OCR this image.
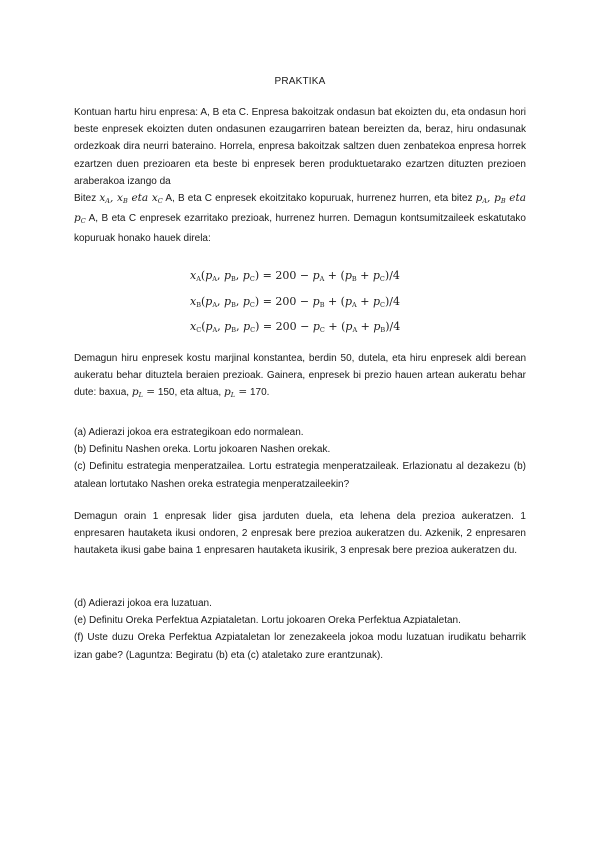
PRAKTIKA
Kontuan hartu hiru enpresa: A, B eta C. Enpresa bakoitzak ondasun bat ekoizten du, eta ondasun hori beste enpresek ekoizten duten ondasunen ezaugarriren batean bereizten da, beraz, hiru ondasunak ordezkoak dira neurri bateraino. Horrela, enpresa bakoitzak saltzen duen zenbatekoa enpresa horrek ezartzen duen prezioaren eta beste bi enpresek beren produktuetarako ezartzen dituzten prezioen araberakoa izango da
Bitez $x_A$, $x_B$ eta $x_C$ A, B eta C enpresek ekoitzitako kopuruak, hurrenez hurren, eta bitez $p_A$, $p_B$ eta $p_C$ A, B eta C enpresek ezarritako prezioak, hurrenez hurren. Demagun kontsumitzaileek eskatutako kopuruak honako hauek direla:
$x_A(p_A$, $p_B$, $p_C) = 200 - p_A + (p_B + p_C)/4$
$x_B(p_A$, $p_B$, $p_C) = 200 - p_B + (p_A + p_C)/4$
$x_C(p_A$, $p_B$, $p_C) = 200 - p_C + (p_A + p_B)/4$
Demagun hiru enpresek kostu marjinal konstantea, berdin 50, dutela, eta hiru enpresek aldi berean aukeratu behar dituztela beraien prezioak. Gainera, enpresek bi prezio hauen artean aukeratu behar dute: baxua, $p_L = 150$, eta altua, $p_L = 170$.

(a) Adierazi jokoa era estrategikoan edo normalean.

(b) Definitu Nashen oreka. Lortu jokoaren Nashen orekak.

(c) Definitu estrategia menperatzailea. Lortu estrategia menperatzaileak. Erlazionatu al dezakezu (b) atalean lortutako Nashen oreka estrategia menperatzaileekin?

Demagun orain 1 enpresak lider gisa jarduten duela, eta lehena dela prezioa aukeratzen. 1 enpresaren hautaketa ikusi ondoren, 2 enpresak bere prezioa aukeratzen du. Azkenik, 2 enpresaren hautaketa ikusi gabe baina 1 enpresaren hautaketa ikusirik, 3 enpresak bere prezioa aukeratzen du.

(d) Adierazi jokoa era luzatuan.

(e) Definitu Oreka Perfektua Azpiataletan. Lortu jokoaren Oreka Perfektua Azpiataletan.

(f) Uste duzu Oreka Perfektua Azpiataletan lor zenezakeela jokoa modu luzatuan irudikatu beharrik izan gabe? (Laguntza: Begiratu (b) eta (c) ataletako zure erantzunak).
